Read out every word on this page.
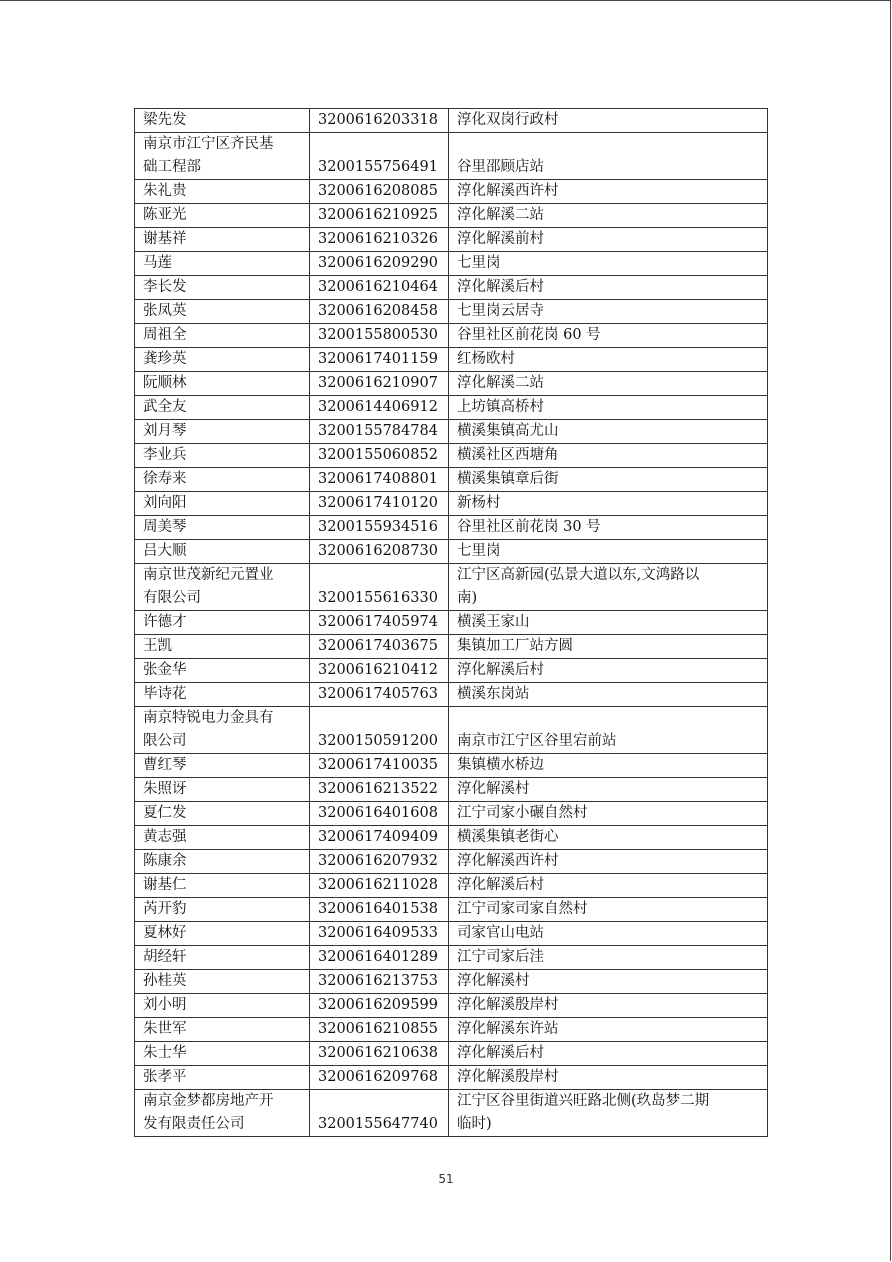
梁先发	3200616203318	淳化双岗行政村
南京市江宁区齐民基
础工程部	3200155756491	谷里邵顾店站
朱礼贵	3200616208085	淳化解溪西许村
陈亚光	3200616210925	淳化解溪二站
谢基祥	3200616210326	淳化解溪前村
马莲	3200616209290	七里岗
李长发	3200616210464	淳化解溪后村
张凤英	3200616208458	七里岗云居寺
周祖全	3200155800530	谷里社区前花岗 60 号
龚珍英	3200617401159	红杨欧村
阮顺林	3200616210907	淳化解溪二站
武全友	3200614406912	上坊镇高桥村
刘月琴	3200155784784	横溪集镇高尤山
李业兵	3200155060852	横溪社区西塘角
徐寿来	3200617408801	横溪集镇章后街
刘向阳	3200617410120	新杨村
周美琴	3200155934516	谷里社区前花岗 30 号
吕大顺	3200616208730	七里岗
南京世茂新纪元置业
有限公司	3200155616330	江宁区高新园(弘景大道以东,文鸿路以
南)
许德才	3200617405974	横溪王家山
王凯	3200617403675	集镇加工厂站方圆
张金华	3200616210412	淳化解溪后村
毕诗花	3200617405763	横溪东岗站
南京特锐电力金具有
限公司	3200150591200	南京市江宁区谷里宕前站
曹红琴	3200617410035	集镇横水桥边
朱照讶	3200616213522	淳化解溪村
夏仁发	3200616401608	江宁司家小碾自然村
黄志强	3200617409409	横溪集镇老街心
陈康余	3200616207932	淳化解溪西许村
谢基仁	3200616211028	淳化解溪后村
芮开豹	3200616401538	江宁司家司家自然村
夏林好	3200616409533	司家官山电站
胡经轩	3200616401289	江宁司家后洼
孙桂英	3200616213753	淳化解溪村
刘小明	3200616209599	淳化解溪殷岸村
朱世军	3200616210855	淳化解溪东许站
朱士华	3200616210638	淳化解溪后村
张孝平	3200616209768	淳化解溪殷岸村
南京金梦都房地产开
发有限责任公司	3200155647740	江宁区谷里街道兴旺路北侧(玖岛梦二期
临时)
51
